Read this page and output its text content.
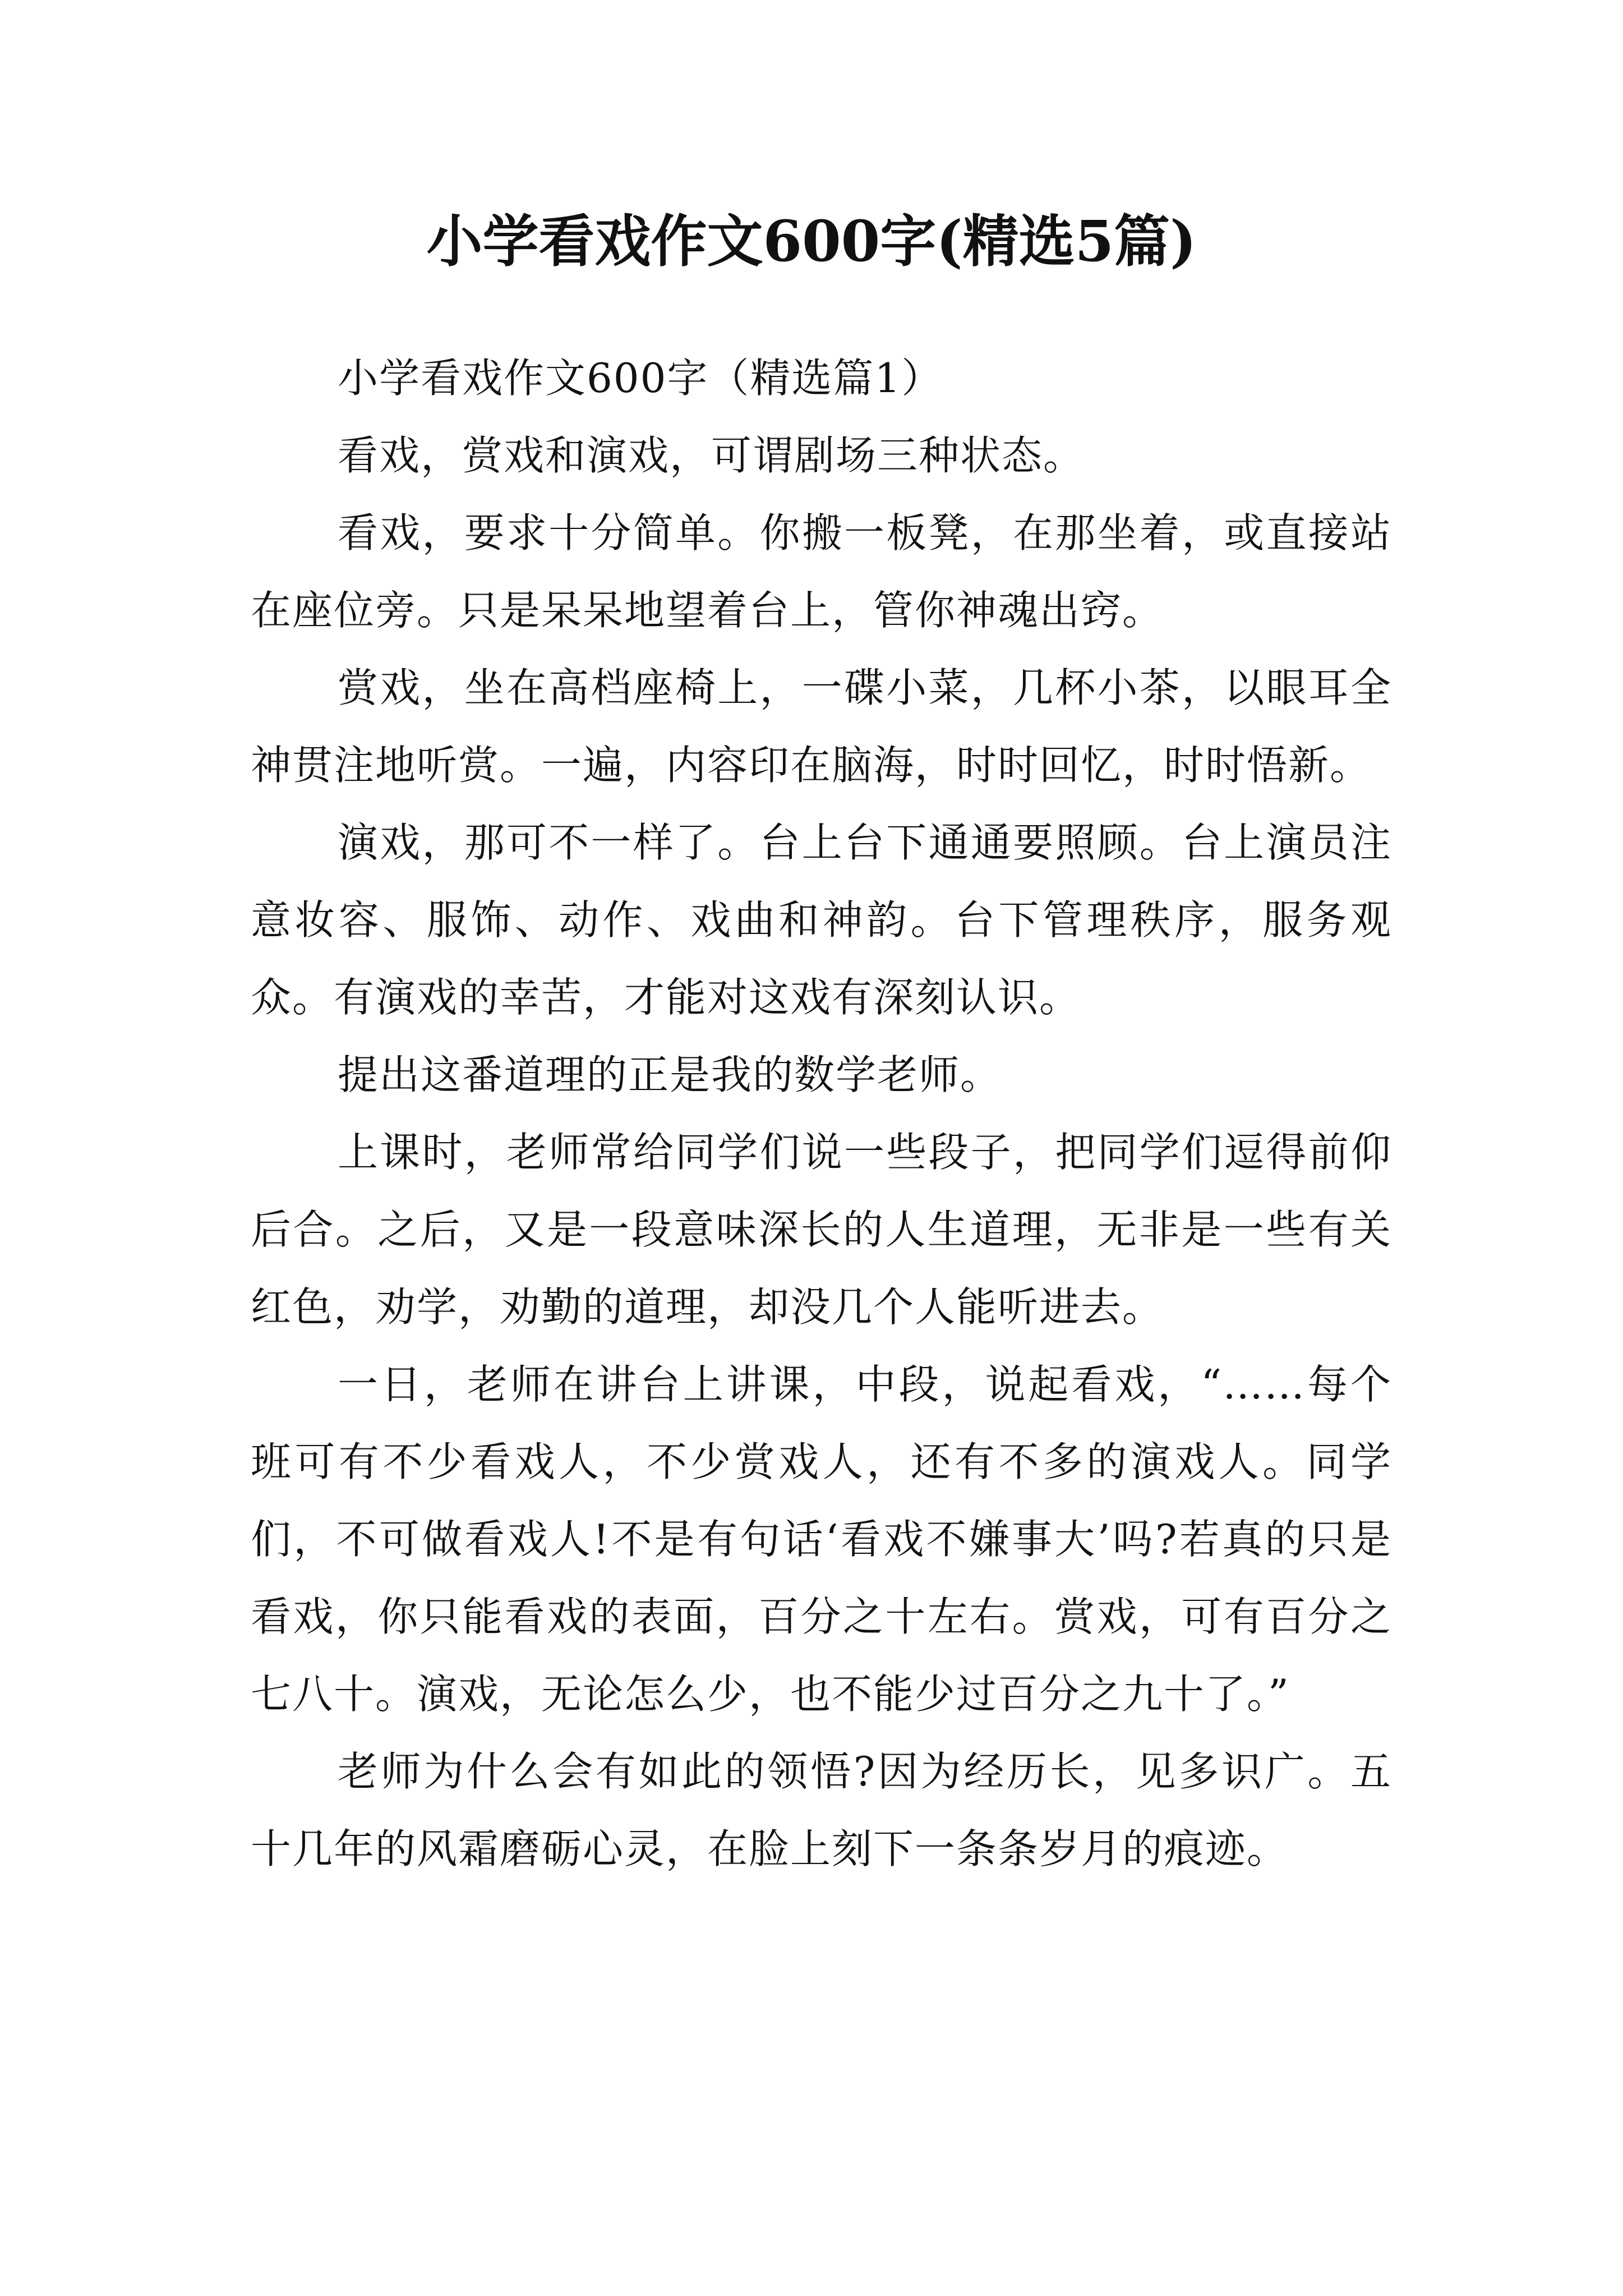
小学看戏作文600字(精选5篇)

小学看戏作文600字（精选篇1）

看戏，赏戏和演戏，可谓剧场三种状态。

看戏，要求十分简单。你搬一板凳，在那坐着，或直接站在座位旁。只是呆呆地望着台上，管你神魂出窍。

赏戏，坐在高档座椅上，一碟小菜，几杯小茶，以眼耳全神贯注地听赏。一遍，内容印在脑海，时时回忆，时时悟新。

演戏，那可不一样了。台上台下通通要照顾。台上演员注意妆容、服饰、动作、戏曲和神韵。台下管理秩序，服务观众。有演戏的幸苦，才能对这戏有深刻认识。

提出这番道理的正是我的数学老师。

上课时，老师常给同学们说一些段子，把同学们逗得前仰后合。之后，又是一段意味深长的人生道理，无非是一些有关红色，劝学，劝勤的道理，却没几个人能听进去。

一日，老师在讲台上讲课，中段，说起看戏，“……每个班可有不少看戏人，不少赏戏人，还有不多的演戏人。同学们，不可做看戏人!不是有句话‘看戏不嫌事大’吗?若真的只是看戏，你只能看戏的表面，百分之十左右。赏戏，可有百分之七八十。演戏，无论怎么少，也不能少过百分之九十了。”

老师为什么会有如此的领悟?因为经历长，见多识广。五十几年的风霜磨砺心灵，在脸上刻下一条条岁月的痕迹。
